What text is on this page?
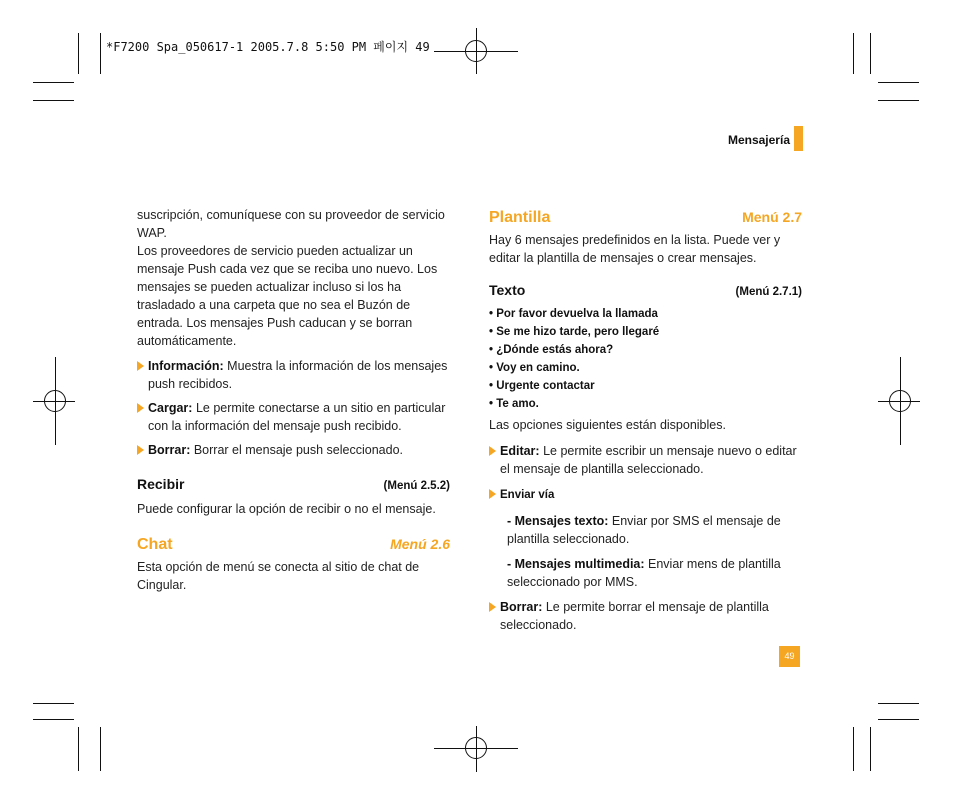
*F7200 Spa_050617-1 2005.7.8 5:50 PM 페이지 49
Mensajería

suscripción, comuníquese con su proveedor de servicio WAP.

Los proveedores de servicio pueden actualizar un mensaje Push cada vez que se reciba uno nuevo. Los mensajes se pueden actualizar incluso si los ha trasladado a una carpeta que no sea el Buzón de entrada. Los mensajes Push caducan y se borran automáticamente.

Información: Muestra la información de los mensajes push recibidos.
Cargar: Le permite conectarse a un sitio en particular con la información del mensaje push recibido.
Borrar: Borrar el mensaje push seleccionado.
Recibir	(Menú 2.5.2)

Puede configurar la opción de recibir o no el mensaje.

Chat	Menú 2.6

Esta opción de menú se conecta al sitio de chat de Cingular.

Plantilla	Menú 2.7

Hay 6 mensajes predefinidos en la lista. Puede ver y editar la plantilla de mensajes o crear mensajes.

Texto	(Menú 2.7.1)
• Por favor devuelva la llamada
• Se me hizo tarde, pero llegaré
• ¿Dónde estás ahora?
• Voy en camino.
• Urgente contactar
• Te amo.

Las opciones siguientes están disponibles.

Editar: Le permite escribir un mensaje nuevo o editar el mensaje de plantilla seleccionado.
Enviar vía
- Mensajes texto: Enviar por SMS el mensaje de plantilla seleccionado.
- Mensajes multimedia: Enviar mens de plantilla seleccionado por MMS.
Borrar: Le permite borrar el mensaje de plantilla seleccionado.
49
